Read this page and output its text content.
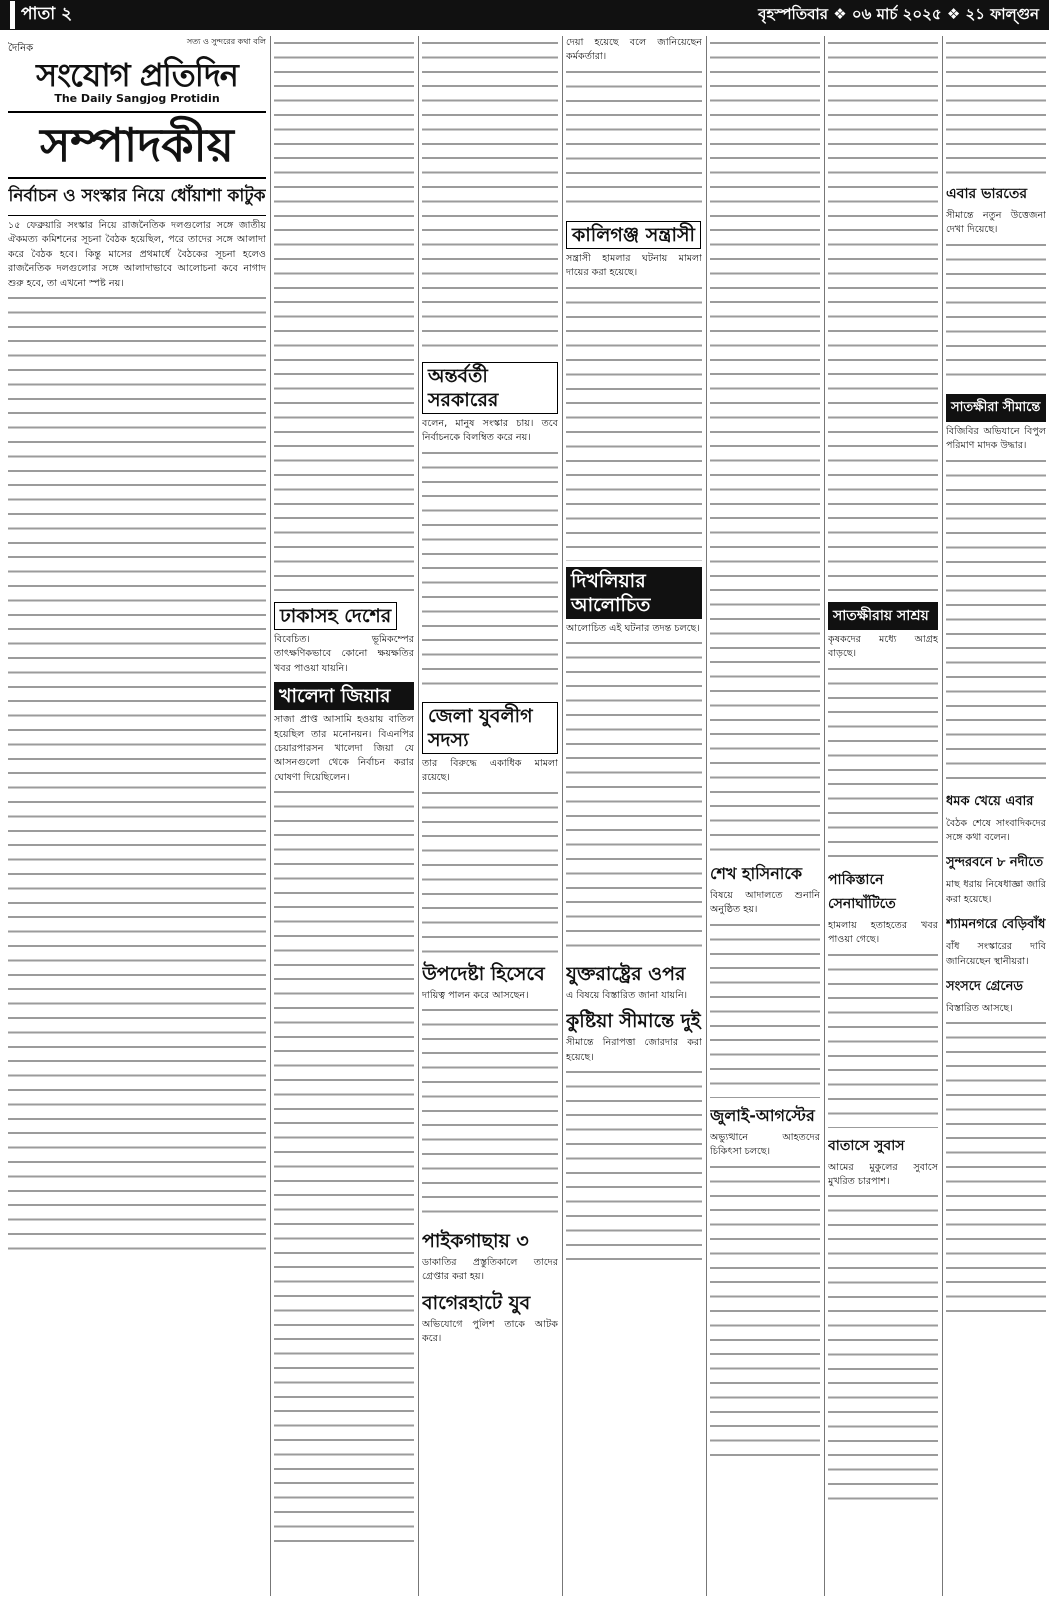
পাতা ২	বৃহস্পতিবার ❖ ০৬ মার্চ ২০২৫ ❖ ২১ ফাল্গুন
সত্য ও সুন্দরের কথা বলি
দৈনিক
সংযোগ প্রতিদিন
The Daily Sangjog Protidin
সম্পাদকীয়
নির্বাচন ও সংস্কার নিয়ে ধোঁয়াশা কাটুক

১৫ ফেব্রুয়ারি সংস্কার নিয়ে রাজনৈতিক দলগুলোর সঙ্গে জাতীয় ঐকমত্য কমিশনের সূচনা বৈঠক হয়েছিল, পরে তাদের সঙ্গে আলাদা করে বৈঠক হবে। কিন্তু মাসের প্রথমার্ধে বৈঠকের সূচনা হলেও রাজনৈতিক দলগুলোর সঙ্গে আলাদাভাবে আলোচনা কবে নাগাদ শুরু হবে, তা এখনো স্পষ্ট নয়।

ঢাকাসহ দেশের

বিবেচিত। ভূমিকম্পের তাৎক্ষণিকভাবে কোনো ক্ষয়ক্ষতির খবর পাওয়া যায়নি।

খালেদা জিয়ার

সাজা প্রাপ্ত আসামি হওয়ায় বাতিল হয়েছিল তার মনোনয়ন। বিএনপির চেয়ারপারসন খালেদা জিয়া যে আসনগুলো থেকে নির্বাচন করার ঘোষণা দিয়েছিলেন।

অন্তর্বর্তী সরকারের

বলেন, মানুষ সংস্কার চায়। তবে নির্বাচনকে বিলম্বিত করে নয়।

জেলা যুবলীগ সদস্য

তার বিরুদ্ধে একাধিক মামলা রয়েছে।

উপদেষ্টা হিসেবে

দায়িত্ব পালন করে আসছেন।

পাইকগাছায় ৩

ডাকাতির প্রস্তুতিকালে তাদের গ্রেপ্তার করা হয়।

বাগেরহাটে যুব

অভিযোগে পুলিশ তাকে আটক করে।

দেয়া হয়েছে বলে জানিয়েছেন কর্মকর্তারা।

কালিগঞ্জ সন্ত্রাসী

সন্ত্রাসী হামলার ঘটনায় মামলা দায়ের করা হয়েছে।

দিখলিয়ার আলোচিত

আলোচিত এই ঘটনার তদন্ত চলছে।

যুক্তরাষ্ট্রের ওপর

এ বিষয়ে বিস্তারিত জানা যায়নি।

কুষ্টিয়া সীমান্তে দুই

সীমান্তে নিরাপত্তা জোরদার করা হয়েছে।

শেখ হাসিনাকে

বিষয়ে আদালতে শুনানি অনুষ্ঠিত হয়।

জুলাই-আগস্টের

অভ্যুত্থানে আহতদের চিকিৎসা চলছে।

সাতক্ষীরায় সাশ্রয়

কৃষকদের মধ্যে আগ্রহ বাড়ছে।

পাকিস্তানে সেনাঘাঁটিতে

হামলায় হতাহতের খবর পাওয়া গেছে।

বাতাসে সুবাস

আমের মুকুলের সুবাসে মুখরিত চারপাশ।

এবার ভারতের

সীমান্তে নতুন উত্তেজনা দেখা দিয়েছে।

সাতক্ষীরা সীমান্তে

বিজিবির অভিযানে বিপুল পরিমাণ মাদক উদ্ধার।

ধমক খেয়ে এবার

বৈঠক শেষে সাংবাদিকদের সঙ্গে কথা বলেন।

সুন্দরবনে ৮ নদীতে

মাছ ধরায় নিষেধাজ্ঞা জারি করা হয়েছে।

শ্যামনগরে বেড়িবাঁধ

বাঁধ সংস্কারের দাবি জানিয়েছেন স্থানীয়রা।

সংসদে গ্রেনেড

বিস্তারিত আসছে।
